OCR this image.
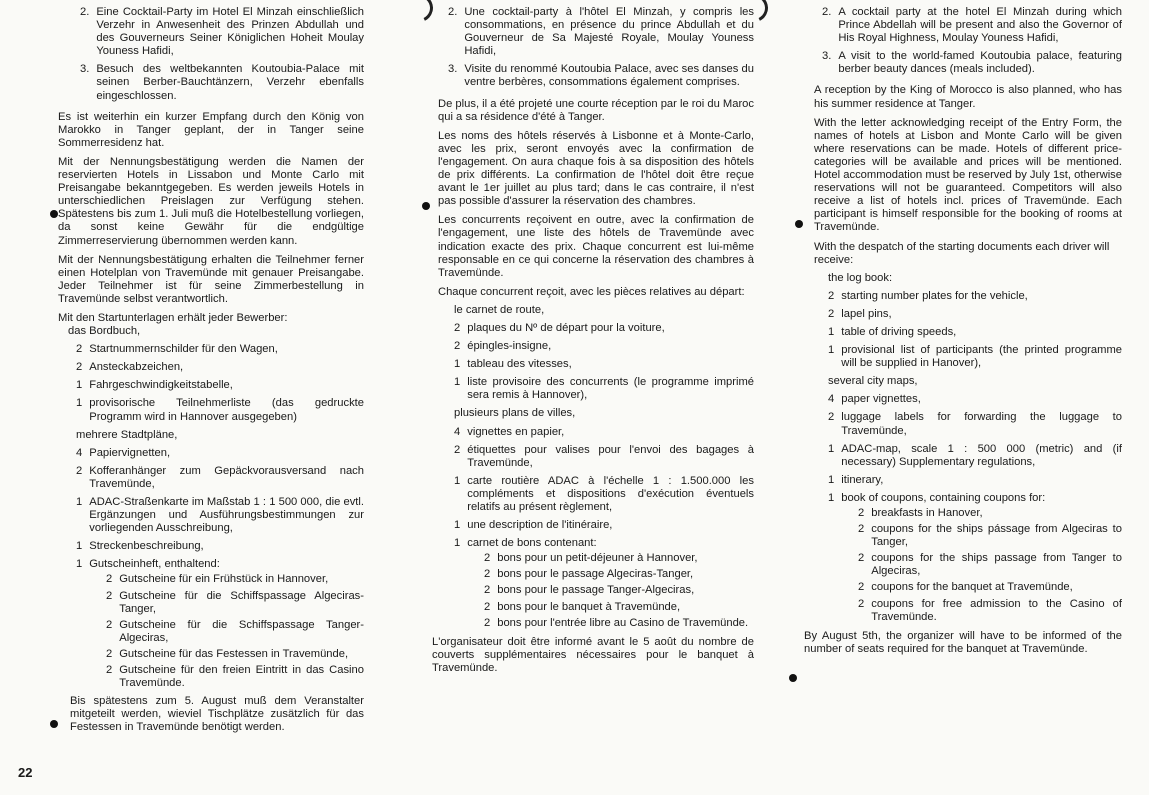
2. Eine Cocktail-Party im Hotel El Minzah einschließlich Verzehr in Anwesenheit des Prinzen Abdullah und des Gouverneurs Seiner Königlichen Hoheit Moulay Youness Hafidi,
3. Besuch des weltbekannten Koutoubia-Palace mit seinen Berber-Bauchtänzern, Verzehr ebenfalls eingeschlossen.

Es ist weiterhin ein kurzer Empfang durch den König von Marokko in Tanger geplant, der in Tanger seine Sommerresidenz hat.

Mit der Nennungsbestätigung werden die Namen der reservierten Hotels in Lissabon und Monte Carlo mit Preisangabe bekanntgegeben. Es werden jeweils Hotels in unterschiedlichen Preislagen zur Verfügung stehen. Spätestens bis zum 1. Juli muß die Hotelbestellung vorliegen, da sonst keine Gewähr für die endgültige Zimmerreservierung übernommen werden kann.

Mit der Nennungsbestätigung erhalten die Teilnehmer ferner einen Hotelplan von Travemünde mit genauer Preisangabe. Jeder Teilnehmer ist für seine Zimmerbestellung in Travemünde selbst verantwortlich.

Mit den Startunterlagen erhält jeder Bewerber:

das Bordbuch,
2 Startnummernschilder für den Wagen,
2 Ansteckabzeichen,
1 Fahrgeschwindigkeitstabelle,
1 provisorische Teilnehmerliste (das gedruckte Programm wird in Hannover ausgegeben)
mehrere Stadtpläne,
4 Papiervignetten,
2 Kofferanhänger zum Gepäckvorausversand nach Travemünde,
1 ADAC-Straßenkarte im Maßstab 1 : 1 500 000, die evtl. Ergänzungen und Ausführungsbestimmungen zur vorliegenden Ausschreibung,
1 Streckenbeschreibung,
1 Gutscheinheft, enthaltend:
2 Gutscheine für ein Frühstück in Hannover,
2 Gutscheine für die Schiffspassage Algeciras-Tanger,
2 Gutscheine für die Schiffspassage Tanger-Algeciras,
2 Gutscheine für das Festessen in Travemünde,
2 Gutscheine für den freien Eintritt in das Casino Travemünde.

Bis spätestens zum 5. August muß dem Veranstalter mitgeteilt werden, wieviel Tischplätze zusätzlich für das Festessen in Travemünde benötigt werden.

2. Une cocktail-party à l'hôtel El Minzah, y compris les consommations, en présence du prince Abdullah et du Gouverneur de Sa Majesté Royale, Moulay Youness Hafidi,
3. Visite du renommé Koutoubia Palace, avec ses danses du ventre berbères, consommations également comprises.

De plus, il a été projeté une courte réception par le roi du Maroc qui a sa résidence d'été à Tanger.

Les noms des hôtels réservés à Lisbonne et à Monte-Carlo, avec les prix, seront envoyés avec la confirmation de l'engagement. On aura chaque fois à sa disposition des hôtels de prix différents. La confirmation de l'hôtel doit être reçue avant le 1er juillet au plus tard; dans le cas contraire, il n'est pas possible d'assurer la réservation des chambres.

Les concurrents reçoivent en outre, avec la confirmation de l'engagement, une liste des hôtels de Travemünde avec indication exacte des prix. Chaque concurrent est lui-même responsable en ce qui concerne la réservation des chambres à Travemünde.

Chaque concurrent reçoit, avec les pièces relatives au départ:

le carnet de route,
2 plaques du Nº de départ pour la voiture,
2 épingles-insigne,
1 tableau des vitesses,
1 liste provisoire des concurrents (le programme imprimé sera remis à Hannover),
plusieurs plans de villes,
4 vignettes en papier,
2 étiquettes pour valises pour l'envoi des bagages à Travemünde,
1 carte routière ADAC à l'échelle 1 : 1.500.000 les compléments et dispositions d'exécution éventuels relatifs au présent règlement,
1 une description de l'itinéraire,
1 carnet de bons contenant:
2 bons pour un petit-déjeuner à Hannover,
2 bons pour le passage Algeciras-Tanger,
2 bons pour le passage Tanger-Algeciras,
2 bons pour le banquet à Travemünde,
2 bons pour l'entrée libre au Casino de Travemünde.

L'organisateur doit être informé avant le 5 août du nombre de couverts supplémentaires nécessaires pour le banquet à Travemünde.

2. A cocktail party at the hotel El Minzah during which Prince Abdellah will be present and also the Governor of His Royal Highness, Moulay Youness Hafidi,
3. A visit to the world-famed Koutoubia palace, featuring berber beauty dances (meals included).

A reception by the King of Morocco is also planned, who has his summer residence at Tanger.

With the letter acknowledging receipt of the Entry Form, the names of hotels at Lisbon and Monte Carlo will be given where reservations can be made. Hotels of different price-categories will be available and prices will be mentioned. Hotel accommodation must be reserved by July 1st, otherwise reservations will not be guaranteed. Competitors will also receive a list of hotels incl. prices of Travemünde. Each participant is himself responsible for the booking of rooms at Travemünde.

With the despatch of the starting documents each driver will receive:

the log book:
2 starting number plates for the vehicle,
2 lapel pins,
1 table of driving speeds,
1 provisional list of participants (the printed programme will be supplied in Hanover),
several city maps,
4 paper vignettes,
2 luggage labels for forwarding the luggage to Travemünde,
1 ADAC-map, scale 1 : 500 000 (metric) and (if necessary) Supplementary regulations,
1 itinerary,
1 book of coupons, containing coupons for:
2 breakfasts in Hanover,
2 coupons for the ships pássage from Algeciras to Tanger,
2 coupons for the ships passage from Tanger to Algeciras,
2 coupons for the banquet at Travemünde,
2 coupons for free admission to the Casino of Travemünde.

By August 5th, the organizer will have to be informed of the number of seats required for the banquet at Travemünde.

22
